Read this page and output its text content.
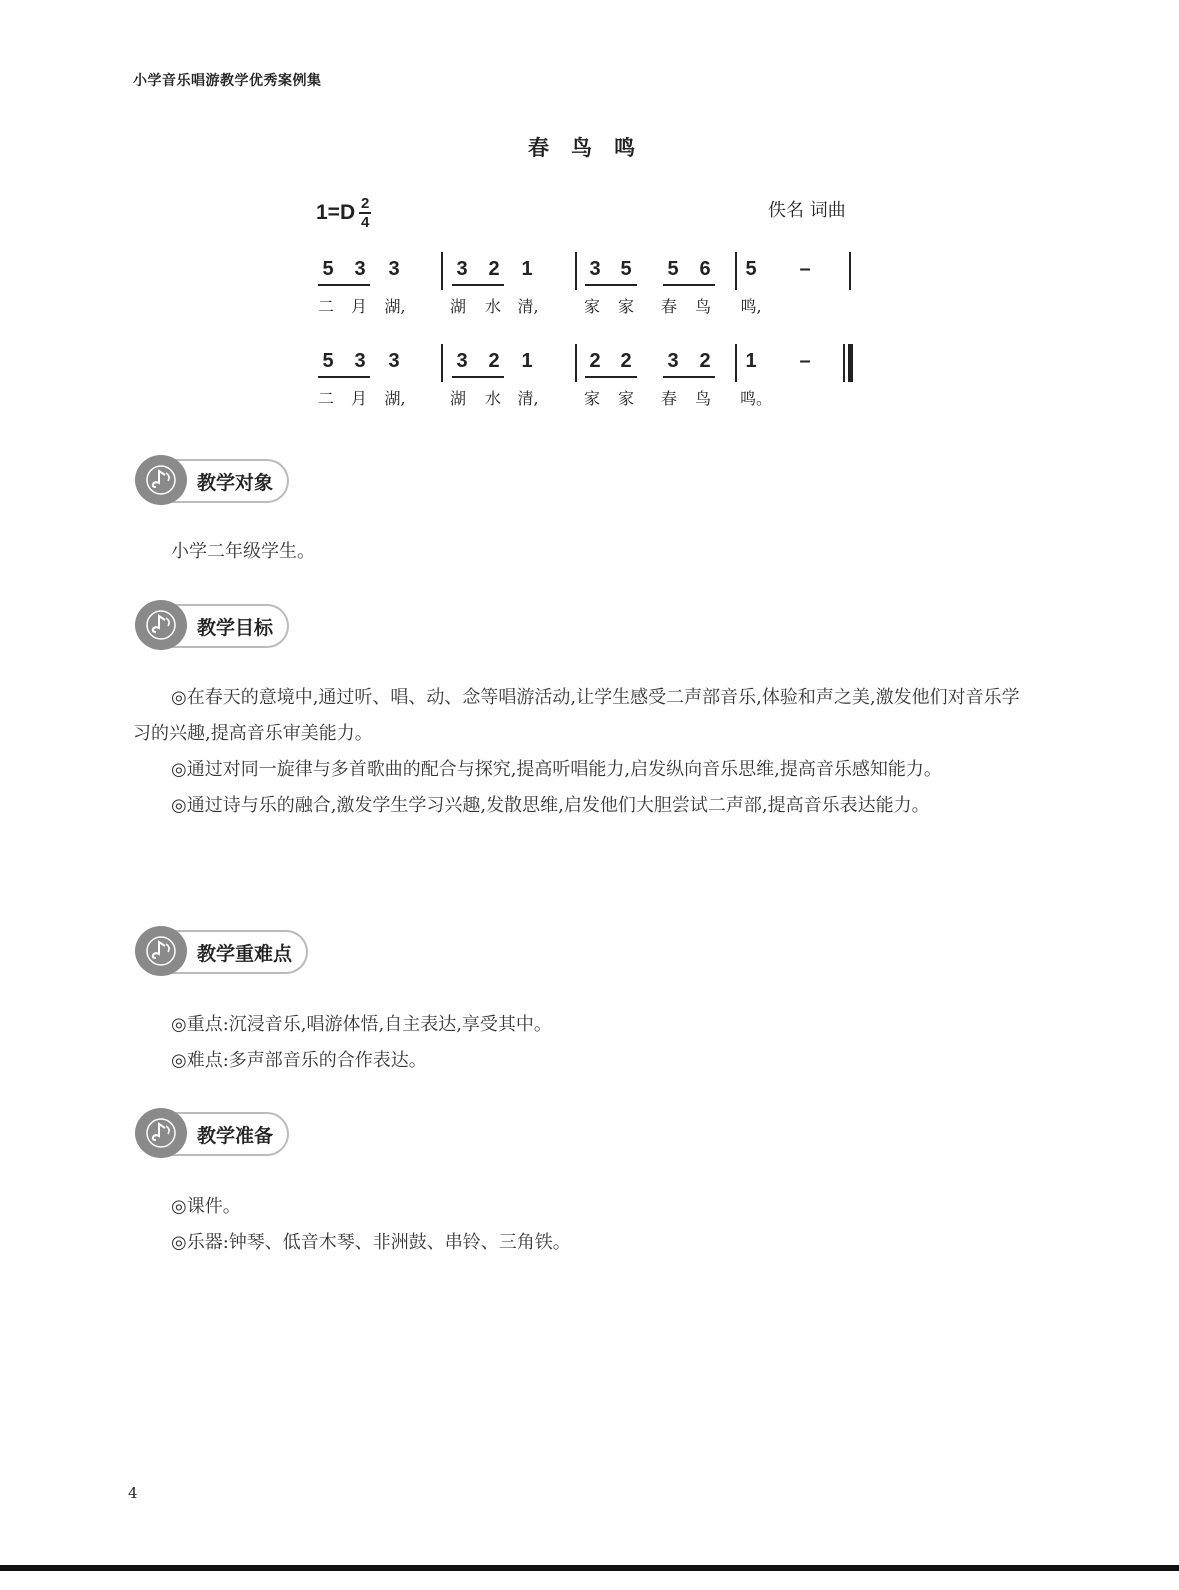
小学音乐唱游教学优秀案例集
春鸟鸣
$1=D \frac{2}{4}$	佚名 词曲
5 3 3	3 2 1	3 5 5 6 5 –
二 月 湖,	湖 水 清,	家 家 春 鸟 鸣,
5 3 3	3 2 1	2 2 3 2 1 –
二 月 湖,	湖 水 清,	家 家 春 鸟 鸣。
教学对象

小学二年级学生。

教学目标

◎在春天的意境中,通过听、唱、动、念等唱游活动,让学生感受二声部音乐,体验和声之美,激发他们对音乐学习的兴趣,提高音乐审美能力。

◎通过对同一旋律与多首歌曲的配合与探究,提高听唱能力,启发纵向音乐思维,提高音乐感知能力。

◎通过诗与乐的融合,激发学生学习兴趣,发散思维,启发他们大胆尝试二声部,提高音乐表达能力。

教学重难点

◎重点:沉浸音乐,唱游体悟,自主表达,享受其中。

◎难点:多声部音乐的合作表达。

教学准备

◎课件。

◎乐器:钟琴、低音木琴、非洲鼓、串铃、三角铁。

4
